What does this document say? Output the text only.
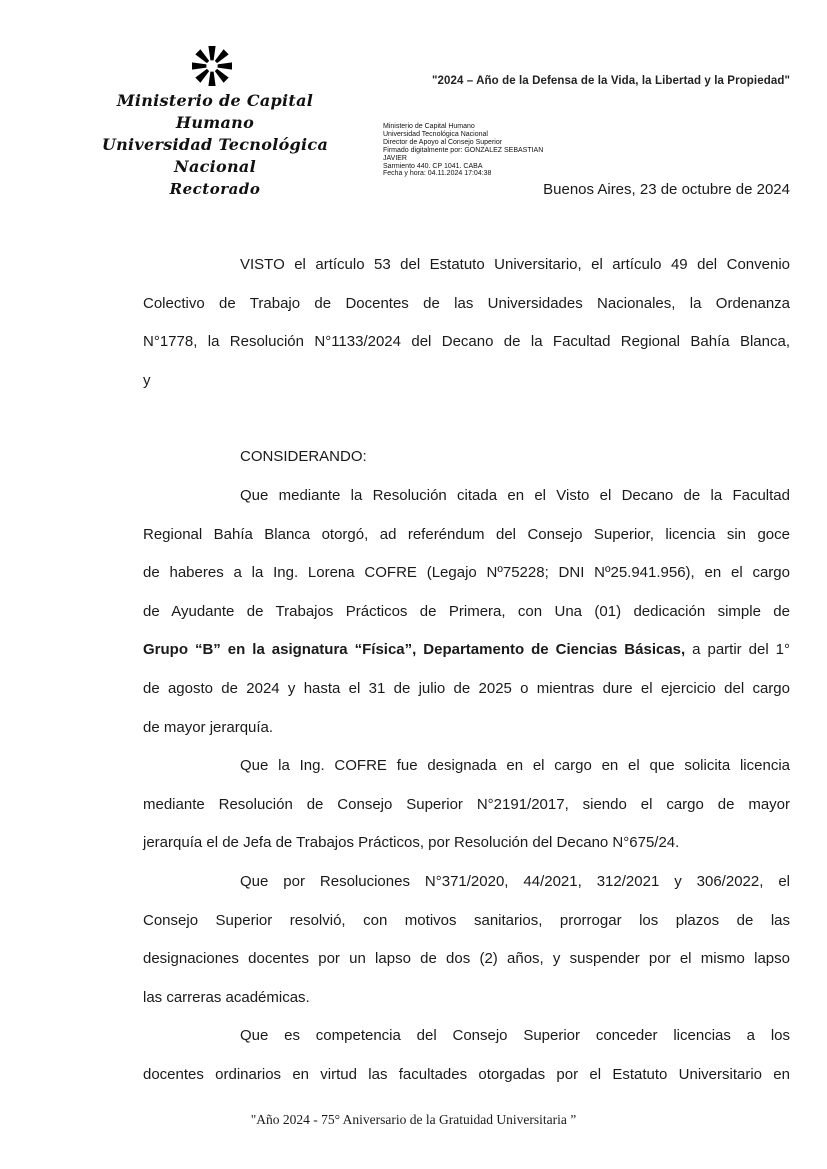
Ministerio de Capital Humano
Universidad Tecnológica Nacional
Rectorado
"2024 – Año de la Defensa de la Vida, la Libertad y la Propiedad"
Ministerio de Capital Humano
Universidad Tecnológica Nacional
Director de Apoyo al Consejo Superior
Firmado digitalmente por: GONZALEZ SEBASTIAN
JAVIER
Sarmiento 440. CP 1041. CABA
Fecha y hora: 04.11.2024 17:04:38
Buenos Aires, 23 de octubre de 2024
VISTO el artículo 53 del Estatuto Universitario, el artículo 49 del Convenio
Colectivo de Trabajo de Docentes de las Universidades Nacionales, la Ordenanza
N°1778, la Resolución N°1133/2024 del Decano de la Facultad Regional Bahía Blanca,
y
CONSIDERANDO:
Que mediante la Resolución citada en el Visto el Decano de la Facultad
Regional Bahía Blanca otorgó, ad referéndum del Consejo Superior, licencia sin goce
de haberes a la Ing. Lorena COFRE (Legajo Nº75228; DNI Nº25.941.956), en el cargo
de Ayudante de Trabajos Prácticos de Primera, con Una (01) dedicación simple de
Grupo “B” en la asignatura “Física”, Departamento de Ciencias Básicas, a partir del 1°
de agosto de 2024 y hasta el 31 de julio de 2025 o mientras dure el ejercicio del cargo
de mayor jerarquía.
Que la Ing. COFRE fue designada en el cargo en el que solicita licencia
mediante Resolución de Consejo Superior N°2191/2017, siendo el cargo de mayor
jerarquía el de Jefa de Trabajos Prácticos, por Resolución del Decano N°675/24.
Que por Resoluciones N°371/2020, 44/2021, 312/2021 y 306/2022, el
Consejo Superior resolvió, con motivos sanitarios, prorrogar los plazos de las
designaciones docentes por un lapso de dos (2) años, y suspender por el mismo lapso
las carreras académicas.
Que es competencia del Consejo Superior conceder licencias a los
docentes ordinarios en virtud las facultades otorgadas por el Estatuto Universitario en
"Año 2024 - 75° Aniversario de la Gratuidad Universitaria ”
